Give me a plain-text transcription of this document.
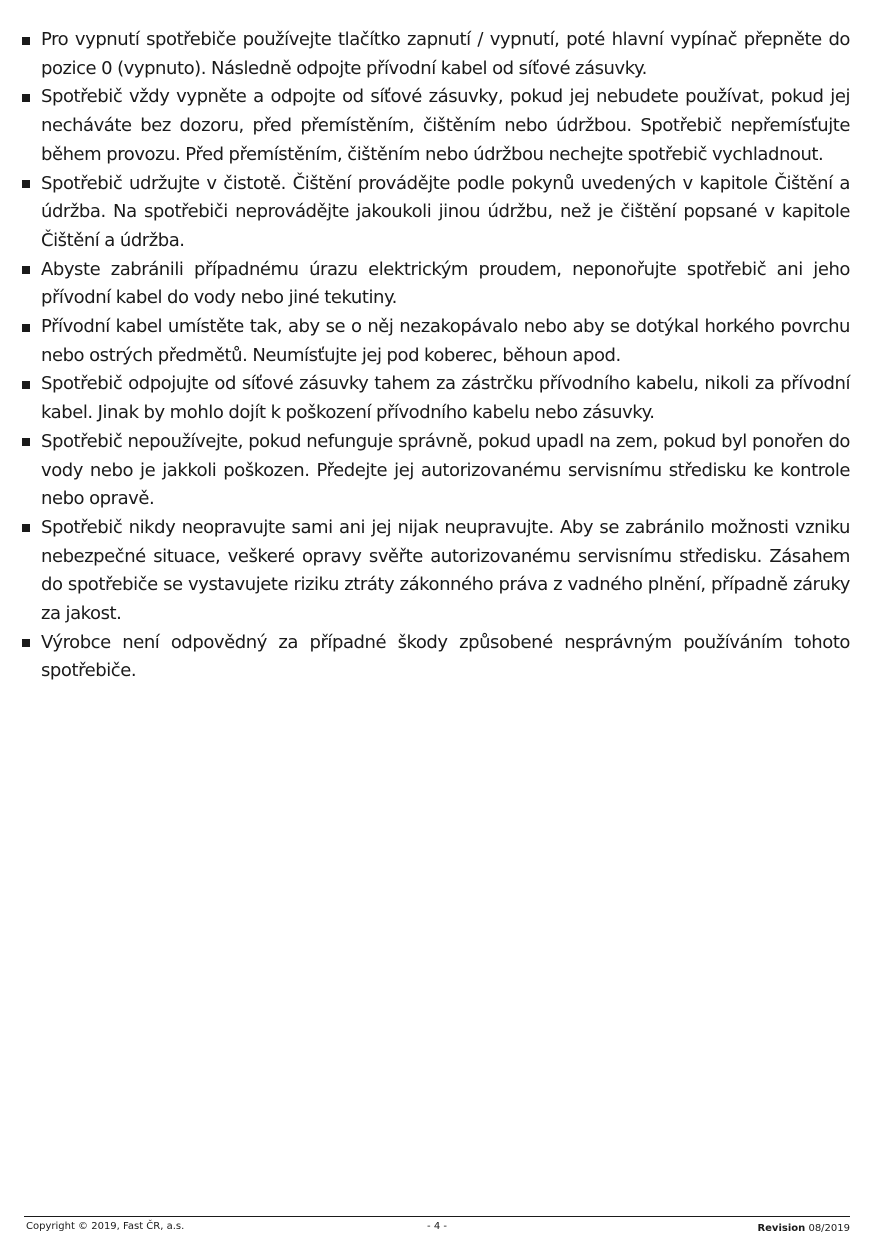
Pro vypnutí spotřebiče používejte tlačítko zapnutí / vypnutí, poté hlavní vypínač přepněte do pozice 0 (vypnuto). Následně odpojte přívodní kabel od síťové zásuvky.
Spotřebič vždy vypněte a odpojte od síťové zásuvky, pokud jej nebudete používat, pokud jej necháváte bez dozoru, před přemístěním, čištěním nebo údržbou. Spotřebič nepřemísťujte během provozu. Před přemístěním, čištěním nebo údržbou nechejte spotřebič vychladnout.
Spotřebič udržujte v čistotě. Čištění provádějte podle pokynů uvedených v kapitole Čištění a údržba. Na spotřebiči neprovádějte jakoukoli jinou údržbu, než je čištění popsané v kapitole Čištění a údržba.
Abyste zabránili případnému úrazu elektrickým proudem, neponořujte spotřebič ani jeho přívodní kabel do vody nebo jiné tekutiny.
Přívodní kabel umístěte tak, aby se o něj nezakopávalo nebo aby se dotýkal horkého povrchu nebo ostrých předmětů. Neumísťujte jej pod koberec, běhoun apod.
Spotřebič odpojujte od síťové zásuvky tahem za zástrčku přívodního kabelu, nikoli za přívodní kabel. Jinak by mohlo dojít k poškození přívodního kabelu nebo zásuvky.
Spotřebič nepoužívejte, pokud nefunguje správně, pokud upadl na zem, pokud byl ponořen do vody nebo je jakkoli poškozen. Předejte jej autorizovanému servisnímu středisku ke kontrole nebo opravě.
Spotřebič nikdy neopravujte sami ani jej nijak neupravujte. Aby se zabránilo možnosti vzniku nebezpečné situace, veškeré opravy svěřte autorizovanému servisnímu středisku. Zásahem do spotřebiče se vystavujete riziku ztráty zákonného práva z vadného plnění, případně záruky za jakost.
Výrobce není odpovědný za případné škody způsobené nesprávným používáním tohoto spotřebiče.
Copyright © 2019, Fast ČR, a.s.	- 4 -	Revision 08/2019
